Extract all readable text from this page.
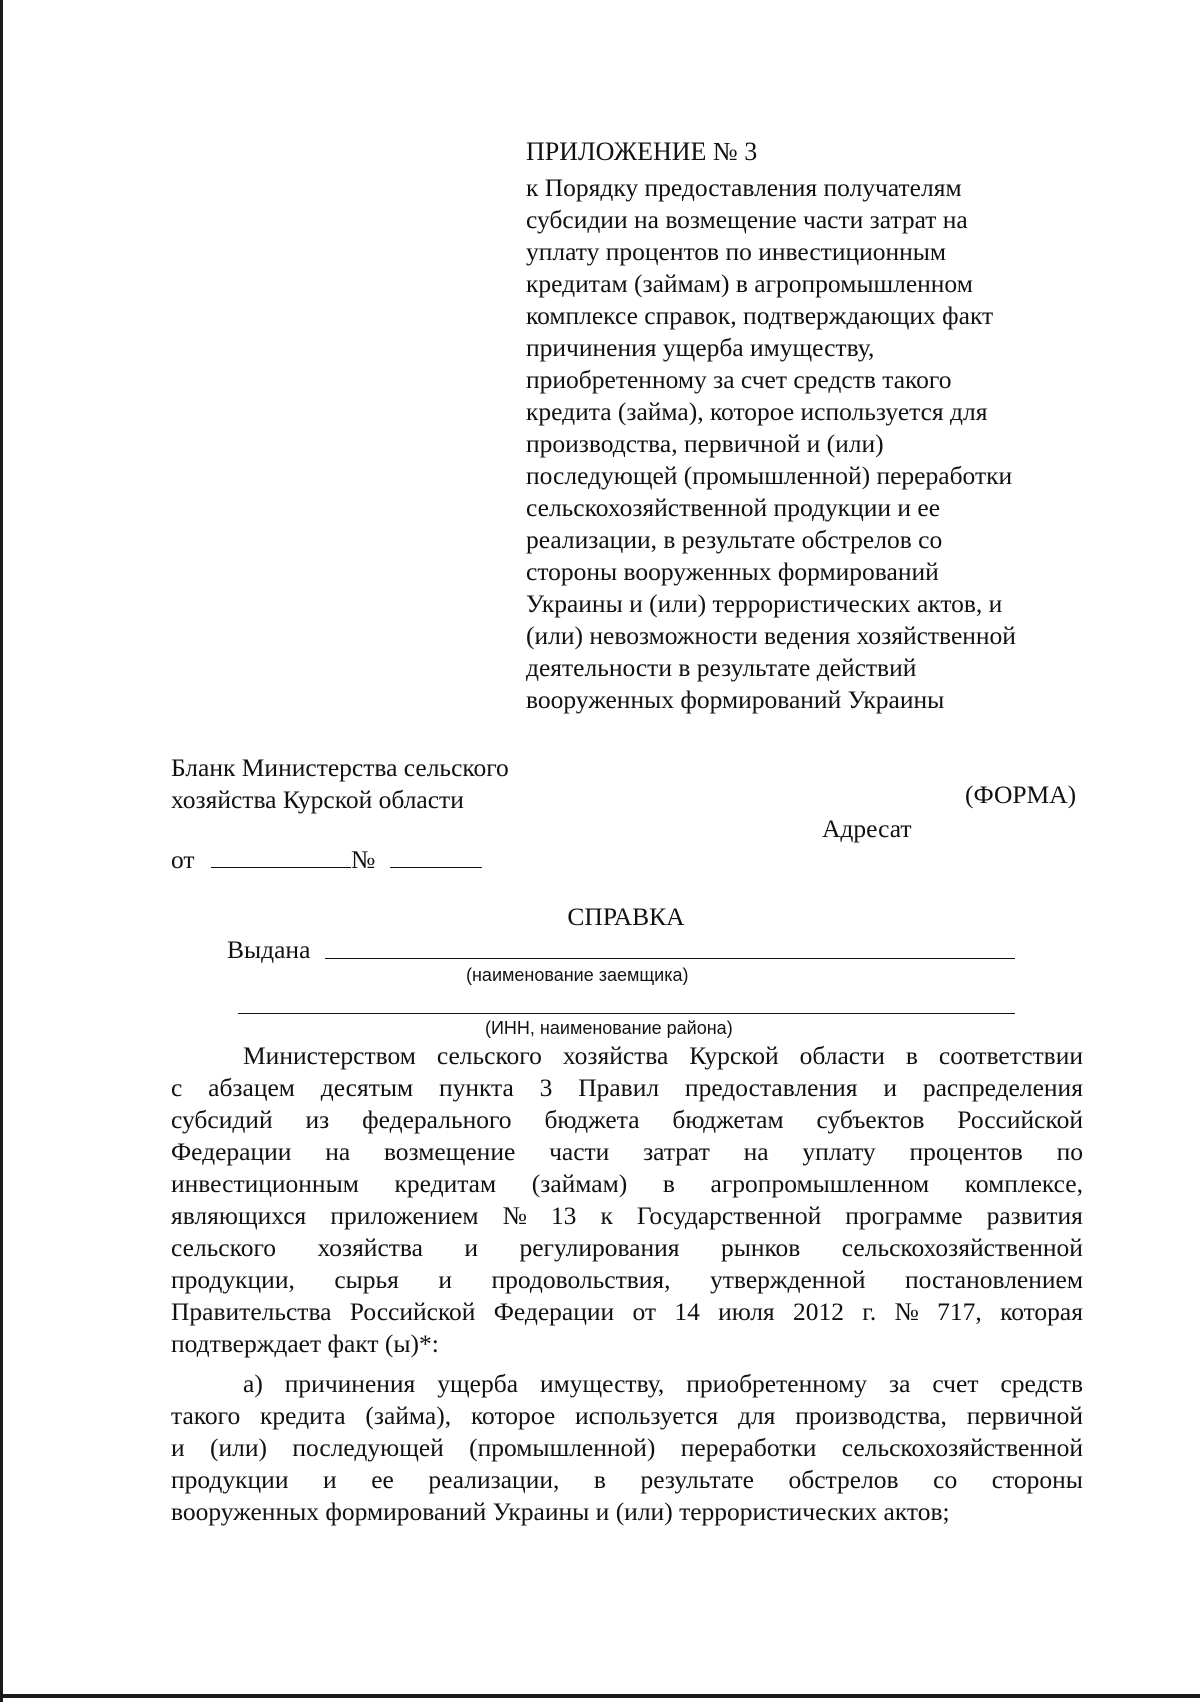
ПРИЛОЖЕНИЕ № 3
к Порядку предоставления получателям
субсидии на возмещение части затрат на
уплату процентов по инвестиционным
кредитам (займам) в агропромышленном
комплексе справок, подтверждающих факт
причинения ущерба имуществу,
приобретенному за счет средств такого
кредита (займа), которое используется для
производства, первичной и (или)
последующей (промышленной) переработки
сельскохозяйственной продукции и ее
реализации, в результате обстрелов со
стороны вооруженных формирований
Украины и (или) террористических актов, и
(или) невозможности ведения хозяйственной
деятельности в результате действий
вооруженных формирований Украины
Бланк Министерства сельского
хозяйства Курской области	(ФОРМА)
Адресат
от	№
СПРАВКА
Выдана
(наименование заемщика)
(ИНН, наименование района)
Министерством сельского хозяйства Курской области в соответствии
с абзацем десятым пункта 3 Правил предоставления и распределения
субсидий из федерального бюджета бюджетам субъектов Российской
Федерации на возмещение части затрат на уплату процентов по
инвестиционным кредитам (займам) в агропромышленном комплексе,
являющихся приложением № 13 к Государственной программе развития
сельского хозяйства и регулирования рынков сельскохозяйственной
продукции, сырья и продовольствия, утвержденной постановлением
Правительства Российской Федерации от 14 июля 2012 г. № 717, которая
подтверждает факт (ы)*:
а) причинения ущерба имуществу, приобретенному за счет средств
такого кредита (займа), которое используется для производства, первичной
и (или) последующей (промышленной) переработки сельскохозяйственной
продукции и ее реализации, в результате обстрелов со стороны
вооруженных формирований Украины и (или) террористических актов;
